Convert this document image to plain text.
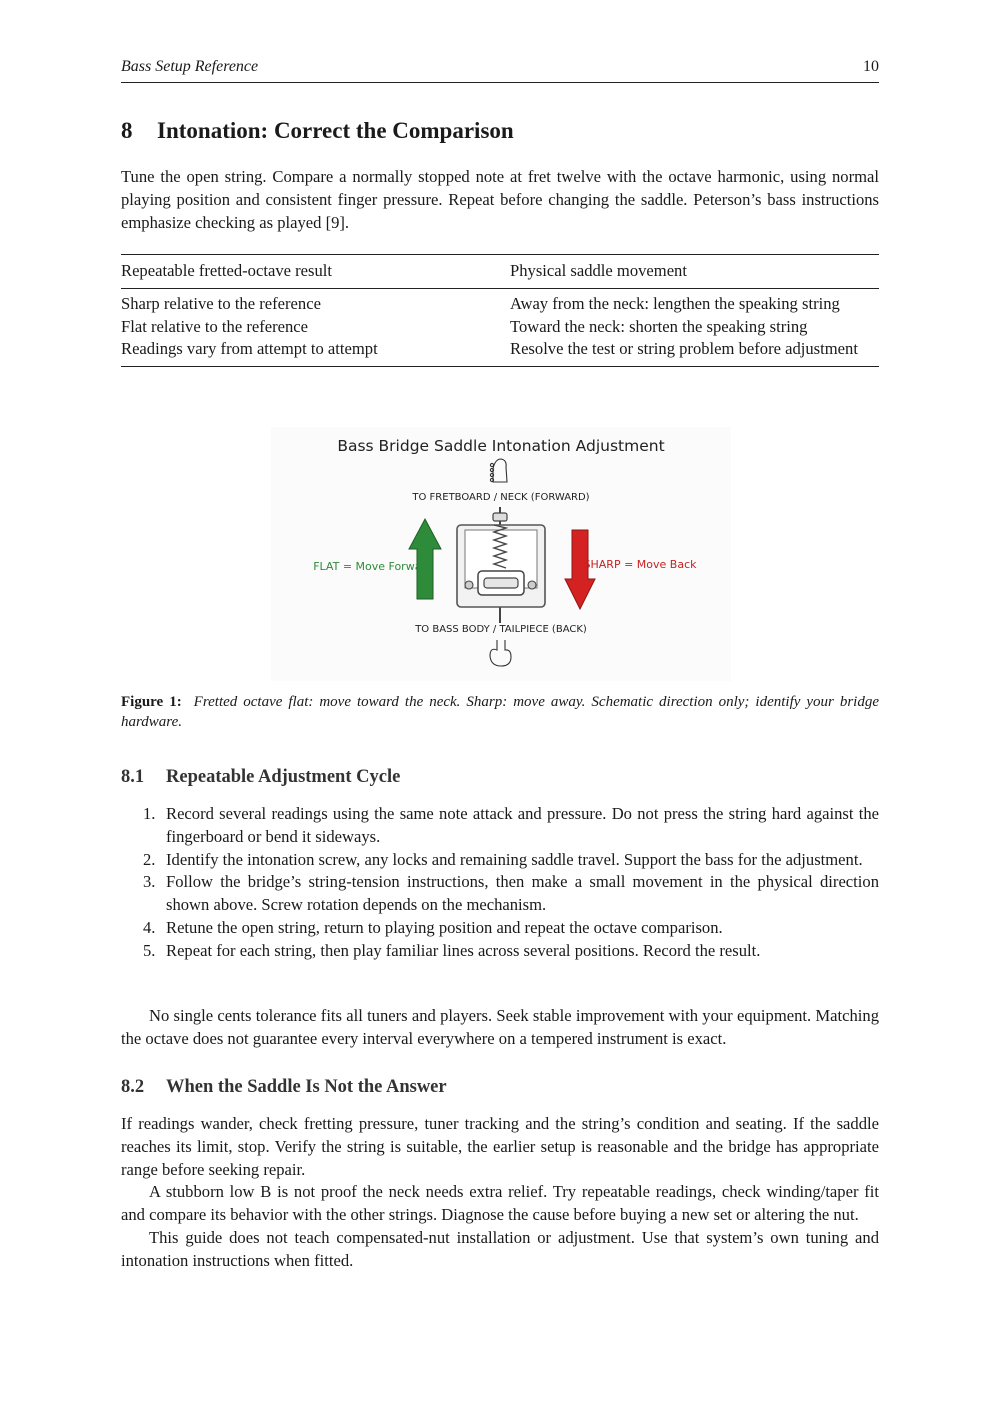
Bass Setup Reference	10
8 Intonation: Correct the Comparison

Tune the open string. Compare a normally stopped note at fret twelve with the octave harmonic, using normal playing position and consistent finger pressure. Repeat before changing the saddle. Peterson’s bass instructions emphasize checking as played [9].

Repeatable fretted-octave result	Physical saddle movement
Sharp relative to the reference	Away from the neck: lengthen the speaking string
Flat relative to the reference	Toward the neck: shorten the speaking string
Readings vary from attempt to attempt	Resolve the test or string problem before adjustment
Bass Bridge Saddle Intonation Adjustment
TO FRETBOARD / NECK (FORWARD)
FLAT = Move Forward	SHARP = Move Back
TO BASS BODY / TAILPIECE (BACK)

Figure 1: Fretted octave flat: move toward the neck. Sharp: move away. Schematic direction only; identify your bridge hardware.

8.1 Repeatable Adjustment Cycle
1. Record several readings using the same note attack and pressure. Do not press the string hard against the fingerboard or bend it sideways.
2. Identify the intonation screw, any locks and remaining saddle travel. Support the bass for the adjustment.
3. Follow the bridge’s string-tension instructions, then make a small movement in the physical direction shown above. Screw rotation depends on the mechanism.
4. Retune the open string, return to playing position and repeat the octave comparison.
5. Repeat for each string, then play familiar lines across several positions. Record the result.

No single cents tolerance fits all tuners and players. Seek stable improvement with your equipment. Matching the octave does not guarantee every interval everywhere on a tempered instrument is exact.

8.2 When the Saddle Is Not the Answer

If readings wander, check fretting pressure, tuner tracking and the string’s condition and seating. If the saddle reaches its limit, stop. Verify the string is suitable, the earlier setup is reasonable and the bridge has appropriate range before seeking repair.

A stubborn low B is not proof the neck needs extra relief. Try repeatable readings, check winding/taper fit and compare its behavior with the other strings. Diagnose the cause before buying a new set or altering the nut.

This guide does not teach compensated-nut installation or adjustment. Use that system’s own tuning and intonation instructions when fitted.
